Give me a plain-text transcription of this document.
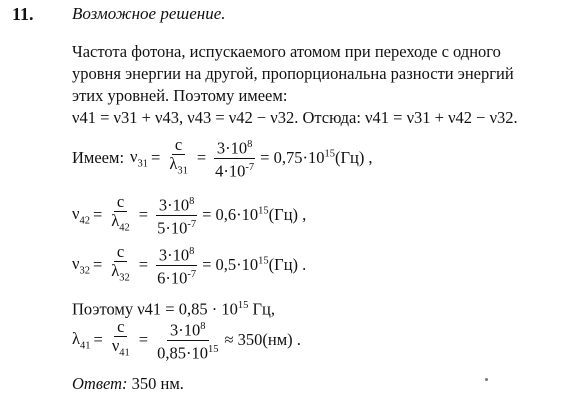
11. Возможное решение.
Частота фотона, испускаемого атомом при переходе с одного
уровня энергии на другой, пропорциональна разности энергий
этих уровней. Поэтому имеем:
ν41 = ν31 + ν43, ν43 = ν42 − ν32. Отсюда: ν41 = ν31 + ν42 − ν32.
Имеем: $\nu_{31} = \frac{c}{\lambda_{31}} = \frac{3\cdot 10^8}{4\cdot 10^{-7}} = 0,75\cdot 10^{15}(Гц)$ ,
$\nu_{42} = \frac{c}{\lambda_{42}} = \frac{3\cdot 10^8}{5\cdot 10^{-7}} = 0,6\cdot 10^{15}(Гц)$ ,
$\nu_{32} = \frac{c}{\lambda_{32}} = \frac{3\cdot 10^8}{6\cdot 10^{-7}} = 0,5\cdot 10^{15}(Гц)$ .
Поэтому $\nu 41 = 0,85 \cdot 10^{15}$ Гц,
$\lambda_{41} = \frac{c}{\nu_{41}} = \frac{3\cdot 10^8}{0,85\cdot 10^{15}} \approx 350(нм)$ .
Ответ: 350 нм.
